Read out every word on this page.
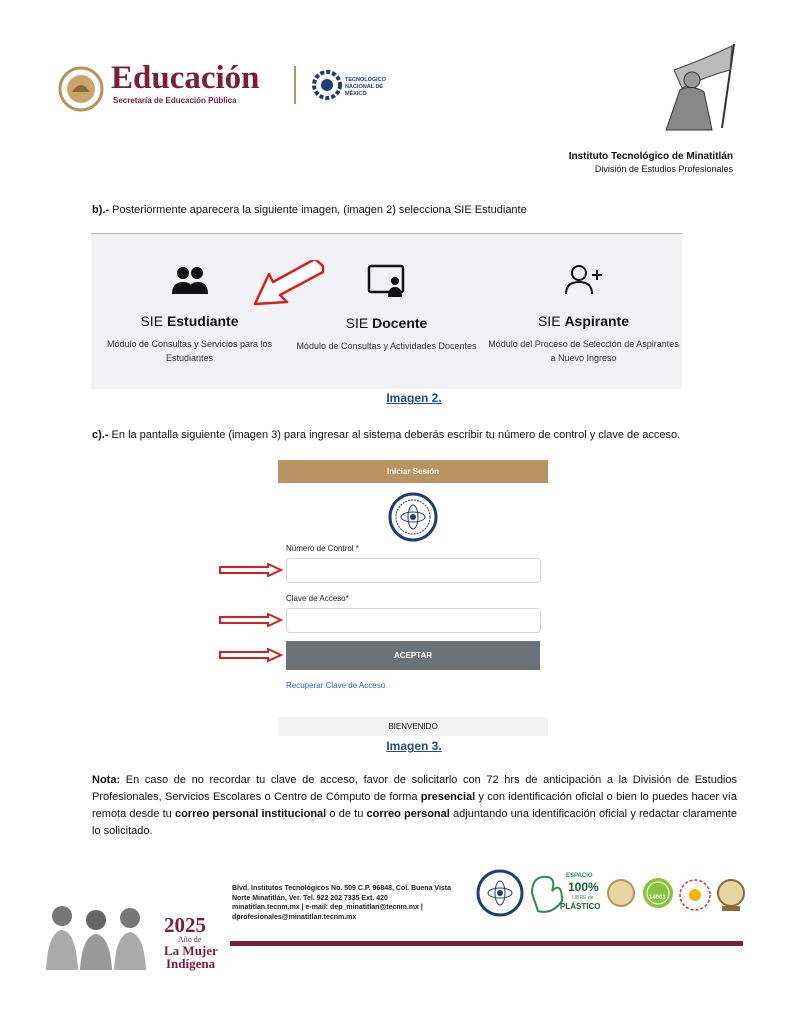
Educación
Secretaría de Educación Pública
TECNOLÓGICO NACIONAL DE MÉXICO
Instituto Tecnológico de Minatitlán
División de Estudios Profesionales
b).- Posteriormente aparecera la siguiente imagen, (imagen 2) selecciona SIE Estudiante
SIE Estudiante
Módulo de Consultas y Servicios para los Estudiantes
SIE Docente
Módulo de Consultas y Actividades Docentes
SIE Aspirante
Módulo del Proceso de Selección de Aspirantes a Nuevo Ingreso
Imagen 2.
c).- En la pantalla siguiente (imagen 3) para ingresar al sistema deberás escribir tu número de control y clave de acceso.
Iniciar Sesión
Número de Control *
Clave de Acceso*
ACEPTAR
Recuperar Clave de Acceso
BIENVENIDO
Imagen 3.
Nota: En caso de no recordar tu clave de acceso, favor de solicitarlo con 72 hrs de anticipación a la División de Estudios Profesionales, Servicios Escolares o Centro de Cómputo de forma presencial y con identificación oficial o bien lo puedes hacer vía remota desde tu correo personal institucional o de tu correo personal adjuntando una identificación oficial y redactar claramente lo solicitado.
2025
Año de
La Mujer
Indígena
Blvd. Institutos Tecnológicos No. 509 C.P. 96848, Col. Buena Vista Norte Minatitlán, Ver. Tel. 922 202 7335 Ext. 420 minatitlan.tecnm.mx | e-mail: dep_minatitlan@tecnm.mx | dprofesionales@minatitlan.tecnm.mx
ESPACIO
100%
LIBRE de
PLÁSTICO
14001
